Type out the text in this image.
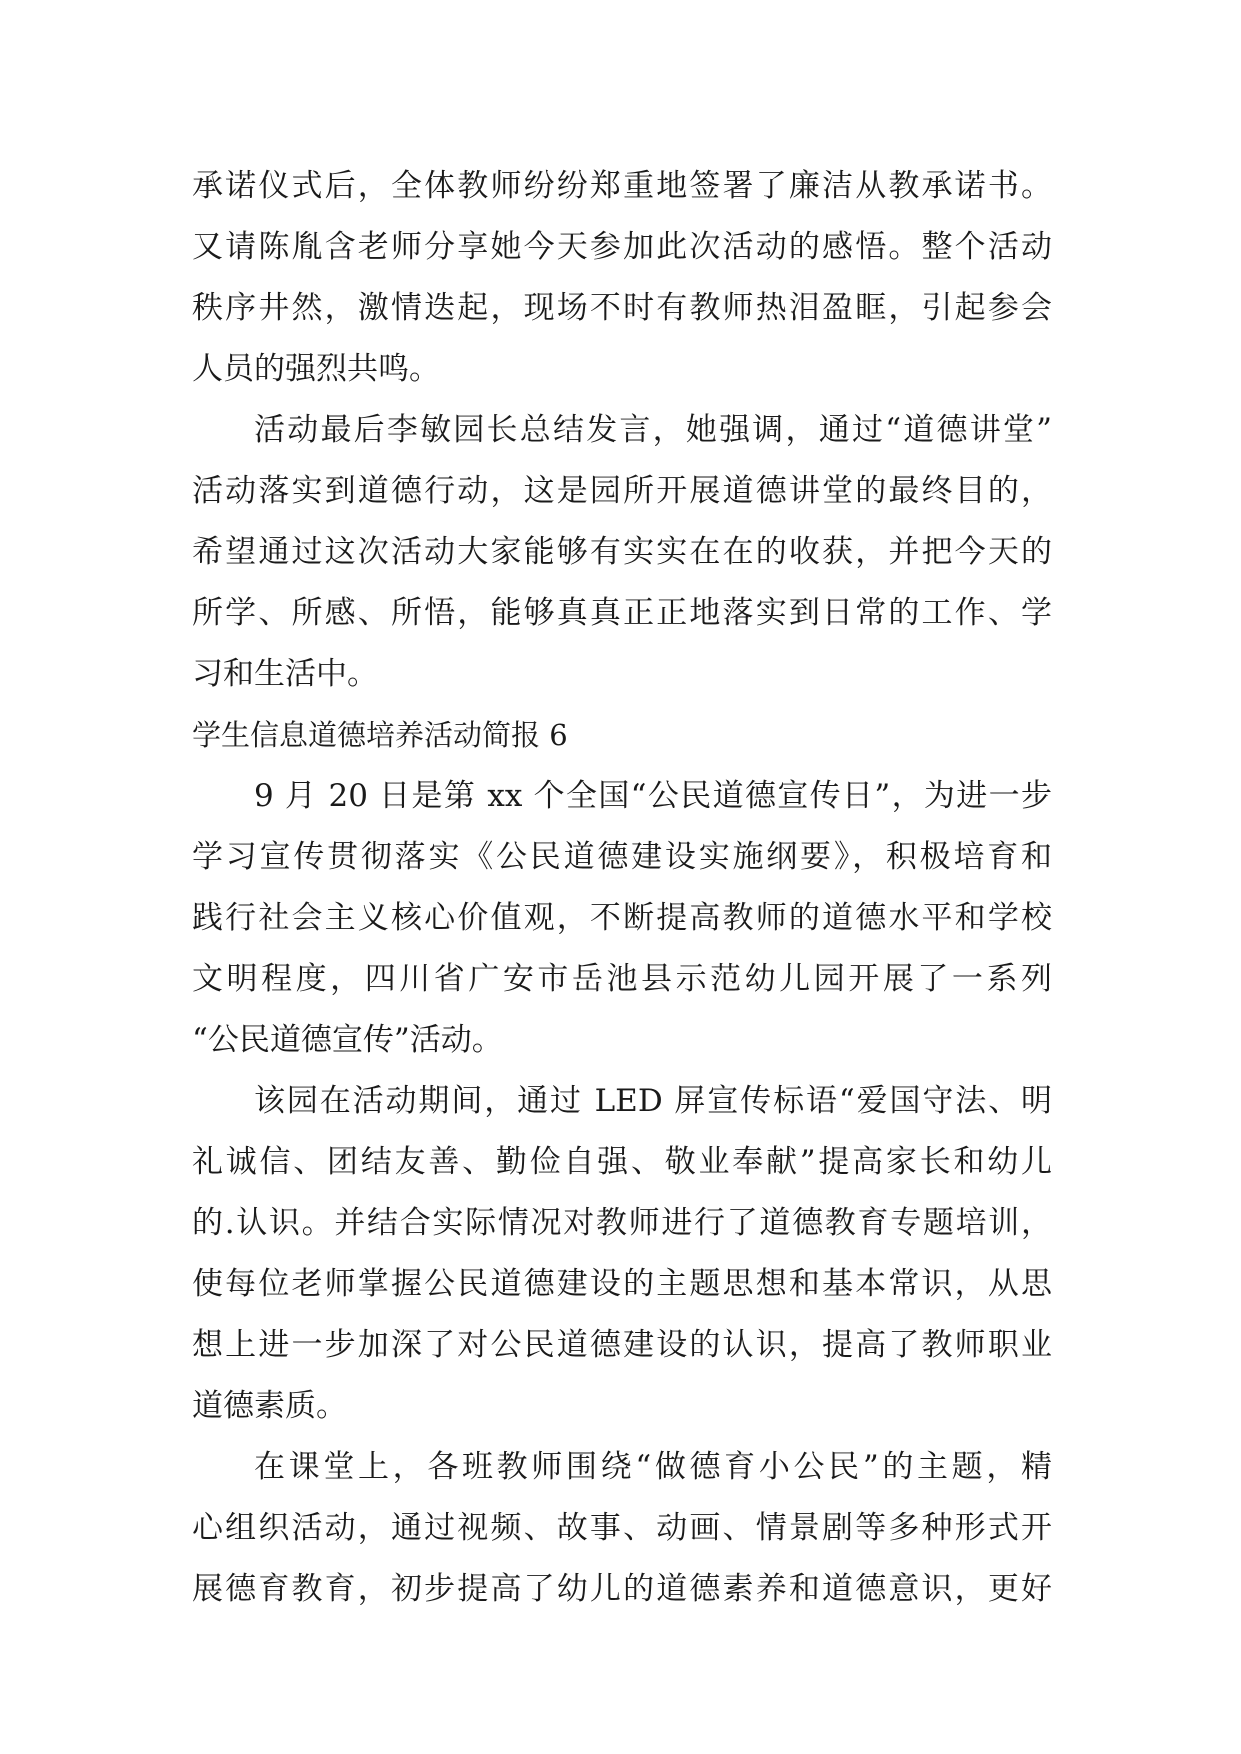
承诺仪式后，全体教师纷纷郑重地签署了廉洁从教承诺书。
又请陈胤含老师分享她今天参加此次活动的感悟。整个活动
秩序井然，激情迭起，现场不时有教师热泪盈眶，引起参会
人员的强烈共鸣。
活动最后李敏园长总结发言，她强调，通过“道德讲堂”
活动落实到道德行动，这是园所开展道德讲堂的最终目的，
希望通过这次活动大家能够有实实在在的收获，并把今天的
所学、所感、所悟，能够真真正正地落实到日常的工作、学
习和生活中。
学生信息道德培养活动简报 6
9 月 20 日是第 xx 个全国“公民道德宣传日”，为进一步
学习宣传贯彻落实《公民道德建设实施纲要》，积极培育和
践行社会主义核心价值观，不断提高教师的道德水平和学校
文明程度，四川省广安市岳池县示范幼儿园开展了一系列
“公民道德宣传”活动。
该园在活动期间，通过 LED 屏宣传标语“爱国守法、明
礼诚信、团结友善、勤俭自强、敬业奉献”提高家长和幼儿
的.认识。并结合实际情况对教师进行了道德教育专题培训，
使每位老师掌握公民道德建设的主题思想和基本常识，从思
想上进一步加深了对公民道德建设的认识，提高了教师职业
道德素质。
在课堂上，各班教师围绕“做德育小公民”的主题，精
心组织活动，通过视频、故事、动画、情景剧等多种形式开
展德育教育，初步提高了幼儿的道德素养和道德意识，更好
